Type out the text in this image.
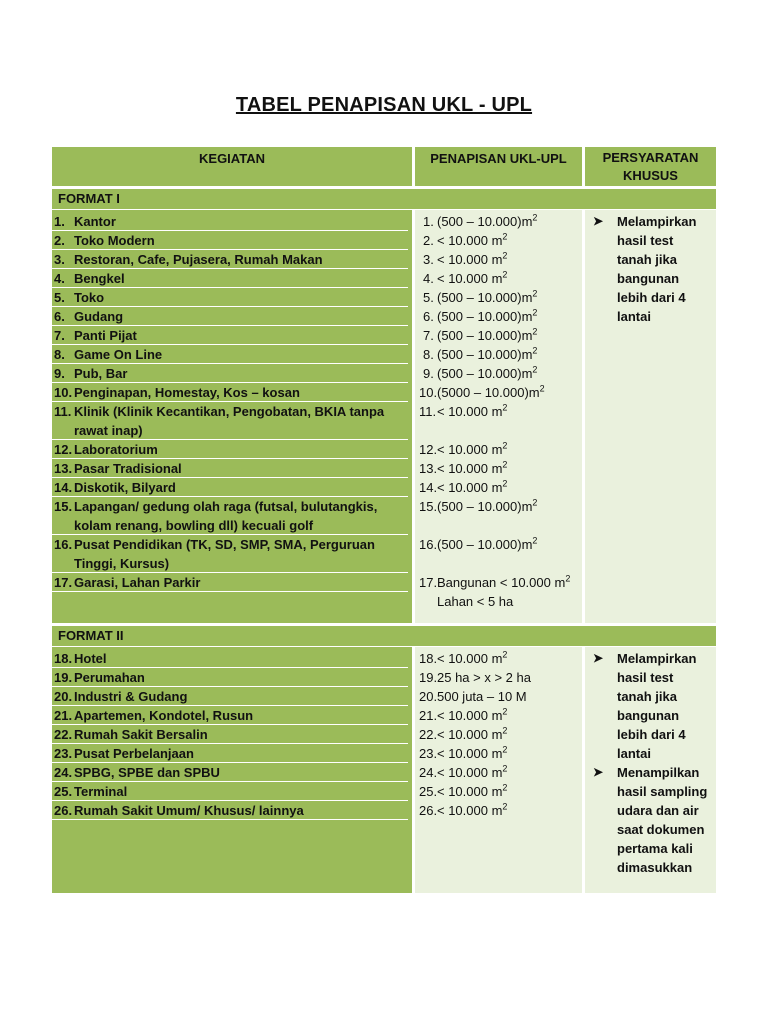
TABEL PENAPISAN UKL - UPL
KEGIATAN	PENAPISAN UKL-UPL	PERSYARATAN
KHUSUS
FORMAT I
1. Kantor
2. Toko Modern
3. Restoran, Cafe, Pujasera, Rumah Makan
4. Bengkel
5. Toko
6. Gudang
7. Panti Pijat
8. Game On Line
9. Pub, Bar
10. Penginapan, Homestay, Kos – kosan
11. Klinik (Klinik Kecantikan, Pengobatan, BKIA tanpa
rawat inap)
12. Laboratorium
13. Pasar Tradisional
14. Diskotik, Bilyard
15. Lapangan/ gedung olah raga (futsal, bulutangkis,
kolam renang, bowling dll) kecuali golf
16. Pusat Pendidikan (TK, SD, SMP, SMA, Perguruan
Tinggi, Kursus)
17. Garasi, Lahan Parkir
1. $(500 - 10.000)m^2$
2. < 10.000 $m^2$
3. < 10.000 $m^2$
4. < 10.000 $m^2$
5. $(500 - 10.000)m^2$
6. $(500 - 10.000)m^2$
7. $(500 - 10.000)m^2$
8. $(500 - 10.000)m^2$
9. $(500 - 10.000)m^2$
10. $(5000 - 10.000)m^2$
11. < 10.000 $m^2$
12. < 10.000 $m^2$
13. < 10.000 $m^2$
14. < 10.000 $m^2$
15. $(500 - 10.000)m^2$
16. $(500 - 10.000)m^2$
17. Bangunan < 10.000 $m^2$
Lahan < 5 ha
➤ Melampirkan
hasil test
tanah jika
bangunan
lebih dari 4
lantai
FORMAT II
18. Hotel
19. Perumahan
20. Industri & Gudang
21. Apartemen, Kondotel, Rusun
22. Rumah Sakit Bersalin
23. Pusat Perbelanjaan
24. SPBG, SPBE dan SPBU
25. Terminal
26. Rumah Sakit Umum/ Khusus/ lainnya
18. < 10.000 $m^2$
19. 25 ha > x > 2 ha
20. 500 juta – 10 M
21. < 10.000 $m^2$
22. < 10.000 $m^2$
23. < 10.000 $m^2$
24. < 10.000 $m^2$
25. < 10.000 $m^2$
26. < 10.000 $m^2$
➤ Melampirkan
hasil test
tanah jika
bangunan
lebih dari 4
lantai
➤ Menampilkan
hasil sampling
udara dan air
saat dokumen
pertama kali
dimasukkan
